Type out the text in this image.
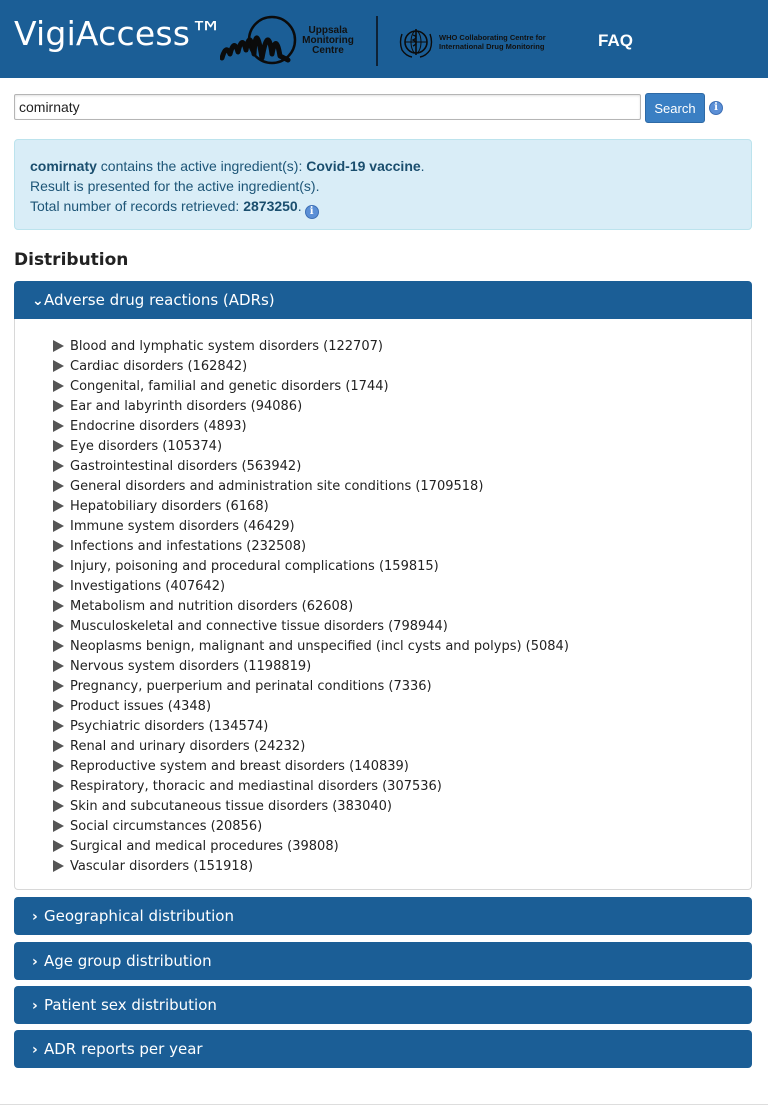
VigiAccess™	Uppsala
Monitoring
Centre
WHO Collaborating Centre for
International Drug Monitoring	FAQ
comirnaty
Search	i
comirnaty contains the active ingredient(s): Covid-19 vaccine.
Result is presented for the active ingredient(s).
Total number of records retrieved: 2873250. i
Distribution
⌄Adverse drug reactions (ADRs)
Blood and lymphatic system disorders (122707)
Cardiac disorders (162842)
Congenital, familial and genetic disorders (1744)
Ear and labyrinth disorders (94086)
Endocrine disorders (4893)
Eye disorders (105374)
Gastrointestinal disorders (563942)
General disorders and administration site conditions (1709518)
Hepatobiliary disorders (6168)
Immune system disorders (46429)
Infections and infestations (232508)
Injury, poisoning and procedural complications (159815)
Investigations (407642)
Metabolism and nutrition disorders (62608)
Musculoskeletal and connective tissue disorders (798944)
Neoplasms benign, malignant and unspecified (incl cysts and polyps) (5084)
Nervous system disorders (1198819)
Pregnancy, puerperium and perinatal conditions (7336)
Product issues (4348)
Psychiatric disorders (134574)
Renal and urinary disorders (24232)
Reproductive system and breast disorders (140839)
Respiratory, thoracic and mediastinal disorders (307536)
Skin and subcutaneous tissue disorders (383040)
Social circumstances (20856)
Surgical and medical procedures (39808)
Vascular disorders (151918)
› Geographical distribution
› Age group distribution
› Patient sex distribution
› ADR reports per year
